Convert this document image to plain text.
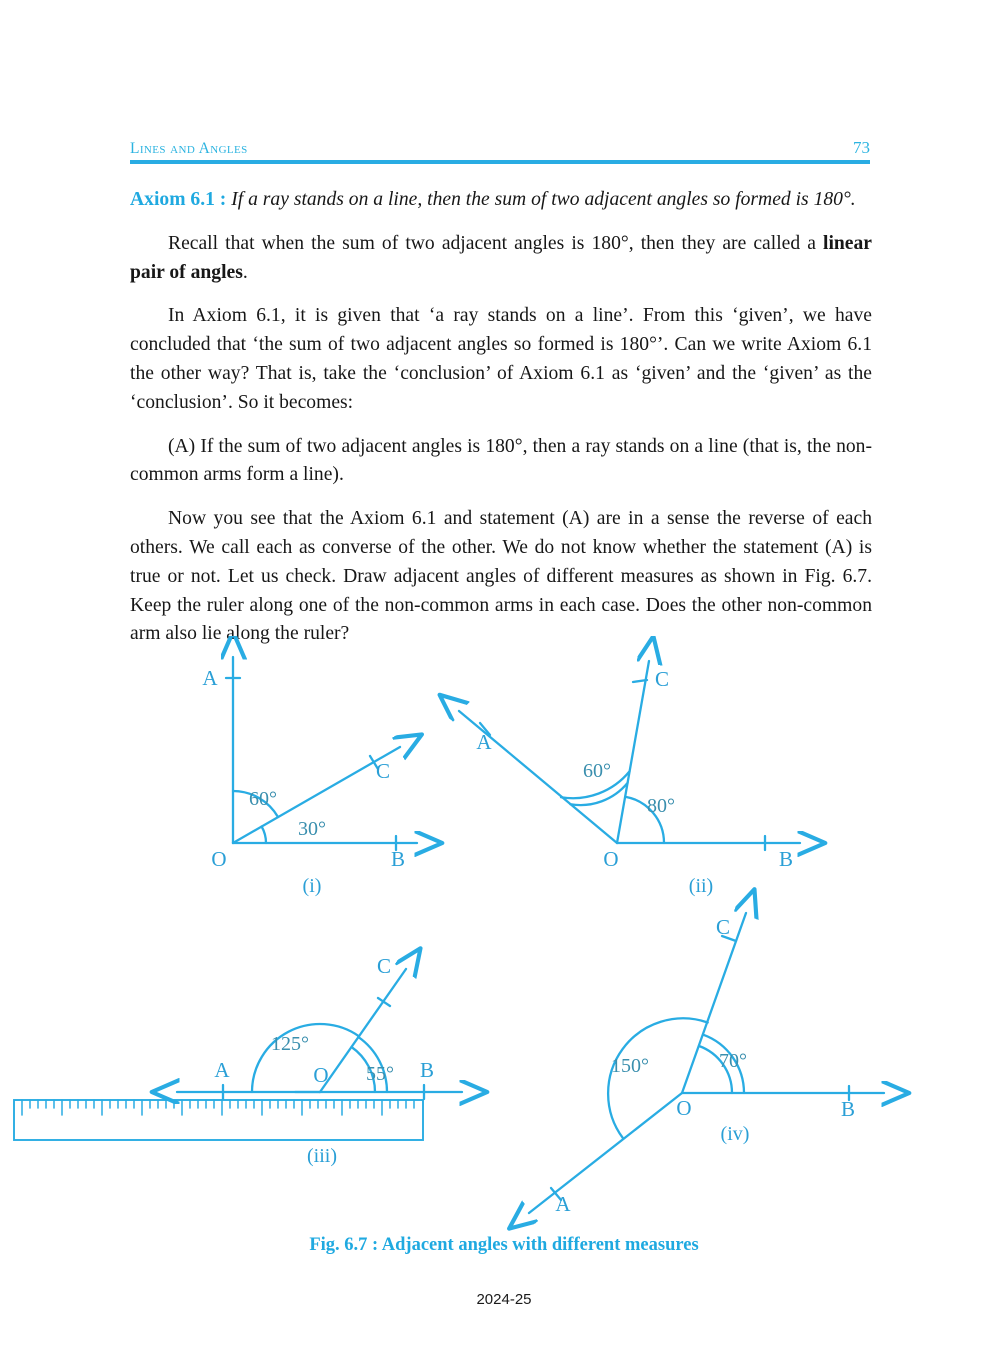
Lines and Angles	73

Axiom 6.1 : If a ray stands on a line, then the sum of two adjacent angles so formed is 180°.

Recall that when the sum of two adjacent angles is 180°, then they are called a linear pair of angles.

In Axiom 6.1, it is given that ‘a ray stands on a line’. From this ‘given’, we have concluded that ‘the sum of two adjacent angles so formed is 180°’. Can we write Axiom 6.1 the other way? That is, take the ‘conclusion’ of Axiom 6.1 as ‘given’ and the ‘given’ as the ‘conclusion’. So it becomes:

(A) If the sum of two adjacent angles is 180°, then a ray stands on a line (that is, the non-common arms form a line).

Now you see that the Axiom 6.1 and statement (A) are in a sense the reverse of each others. We call each as converse of the other. We do not know whether the statement (A) is true or not. Let us check. Draw adjacent angles of different measures as shown in Fig. 6.7. Keep the ruler along one of the non-common arms in each case. Does the other non-common arm also lie along the ruler?

A
C
B
O
60°
30°
(i)
A
C
B
O
60°
80°
(ii)
A
C
B
O
125°
55°
(iii)
A
C
B
O
150°	70°
(iv)
Fig. 6.7 : Adjacent angles with different measures
2024-25
